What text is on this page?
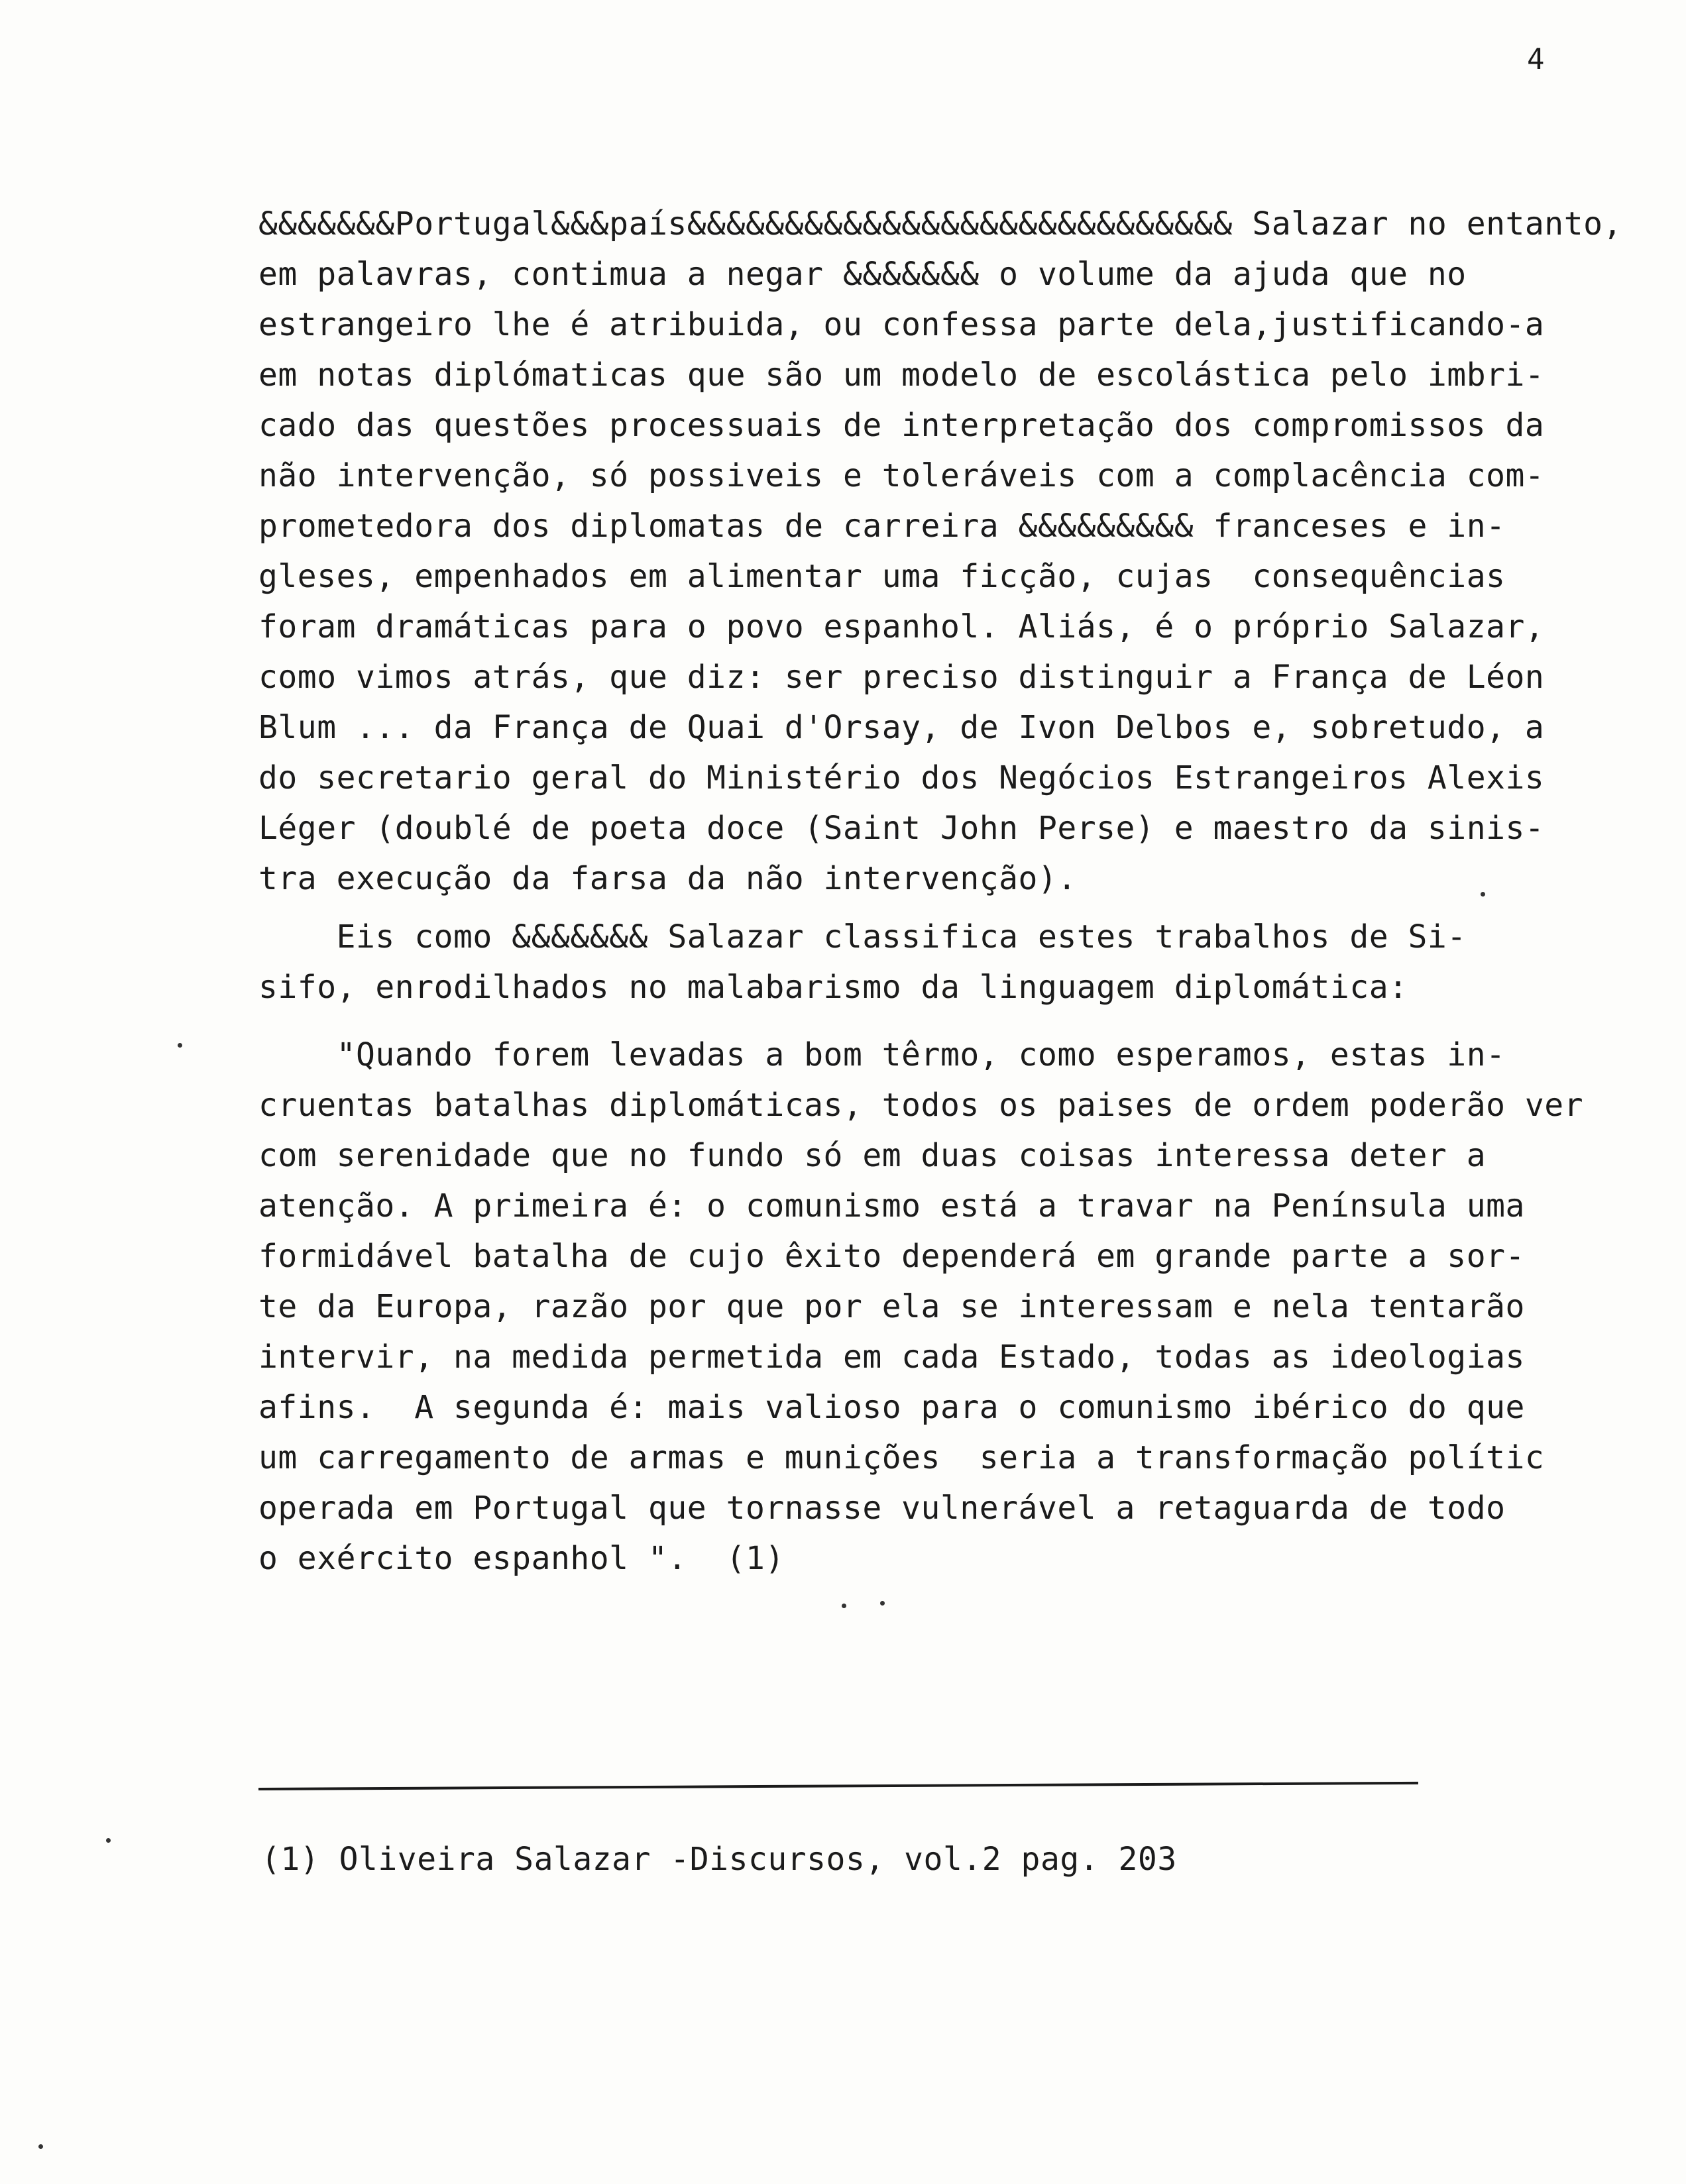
4
&&&&&&&Portugal&&&país&&&&&&&&&&&&&&&&&&&&&&&&&&&& Salazar no entanto,
em palavras, contimua a negar &&&&&&& o volume da ajuda que no
estrangeiro lhe é atribuida, ou confessa parte dela,justificando-a
em notas diplómaticas que são um modelo de escolástica pelo imbri-
cado das questões processuais de interpretação dos compromissos da
não intervenção, só possiveis e toleráveis com a complacência com-
prometedora dos diplomatas de carreira &&&&&&&&& franceses e in-
gleses, empenhados em alimentar uma ficção, cujas  consequências
foram dramáticas para o povo espanhol. Aliás, é o próprio Salazar,
como vimos atrás, que diz: ser preciso distinguir a França de Léon
Blum ... da França de Quai d'Orsay, de Ivon Delbos e, sobretudo, a
do secretario geral do Ministério dos Negócios Estrangeiros Alexis
Léger (doublé de poeta doce (Saint John Perse) e maestro da sinis-
tra execução da farsa da não intervenção).
Eis como &&&&&&& Salazar classifica estes trabalhos de Si-
sifo, enrodilhados no malabarismo da linguagem diplomática:
"Quando forem levadas a bom têrmo, como esperamos, estas in-
cruentas batalhas diplomáticas, todos os paises de ordem poderão ver
com serenidade que no fundo só em duas coisas interessa deter a
atenção. A primeira é: o comunismo está a travar na Península uma
formidável batalha de cujo êxito dependerá em grande parte a sor-
te da Europa, razão por que por ela se interessam e nela tentarão
intervir, na medida permetida em cada Estado, todas as ideologias
afins.  A segunda é: mais valioso para o comunismo ibérico do que
um carregamento de armas e munições  seria a transformação polític
operada em Portugal que tornasse vulnerável a retaguarda de todo
o exército espanhol ".  (1)
(1) Oliveira Salazar -Discursos, vol.2 pag. 203
